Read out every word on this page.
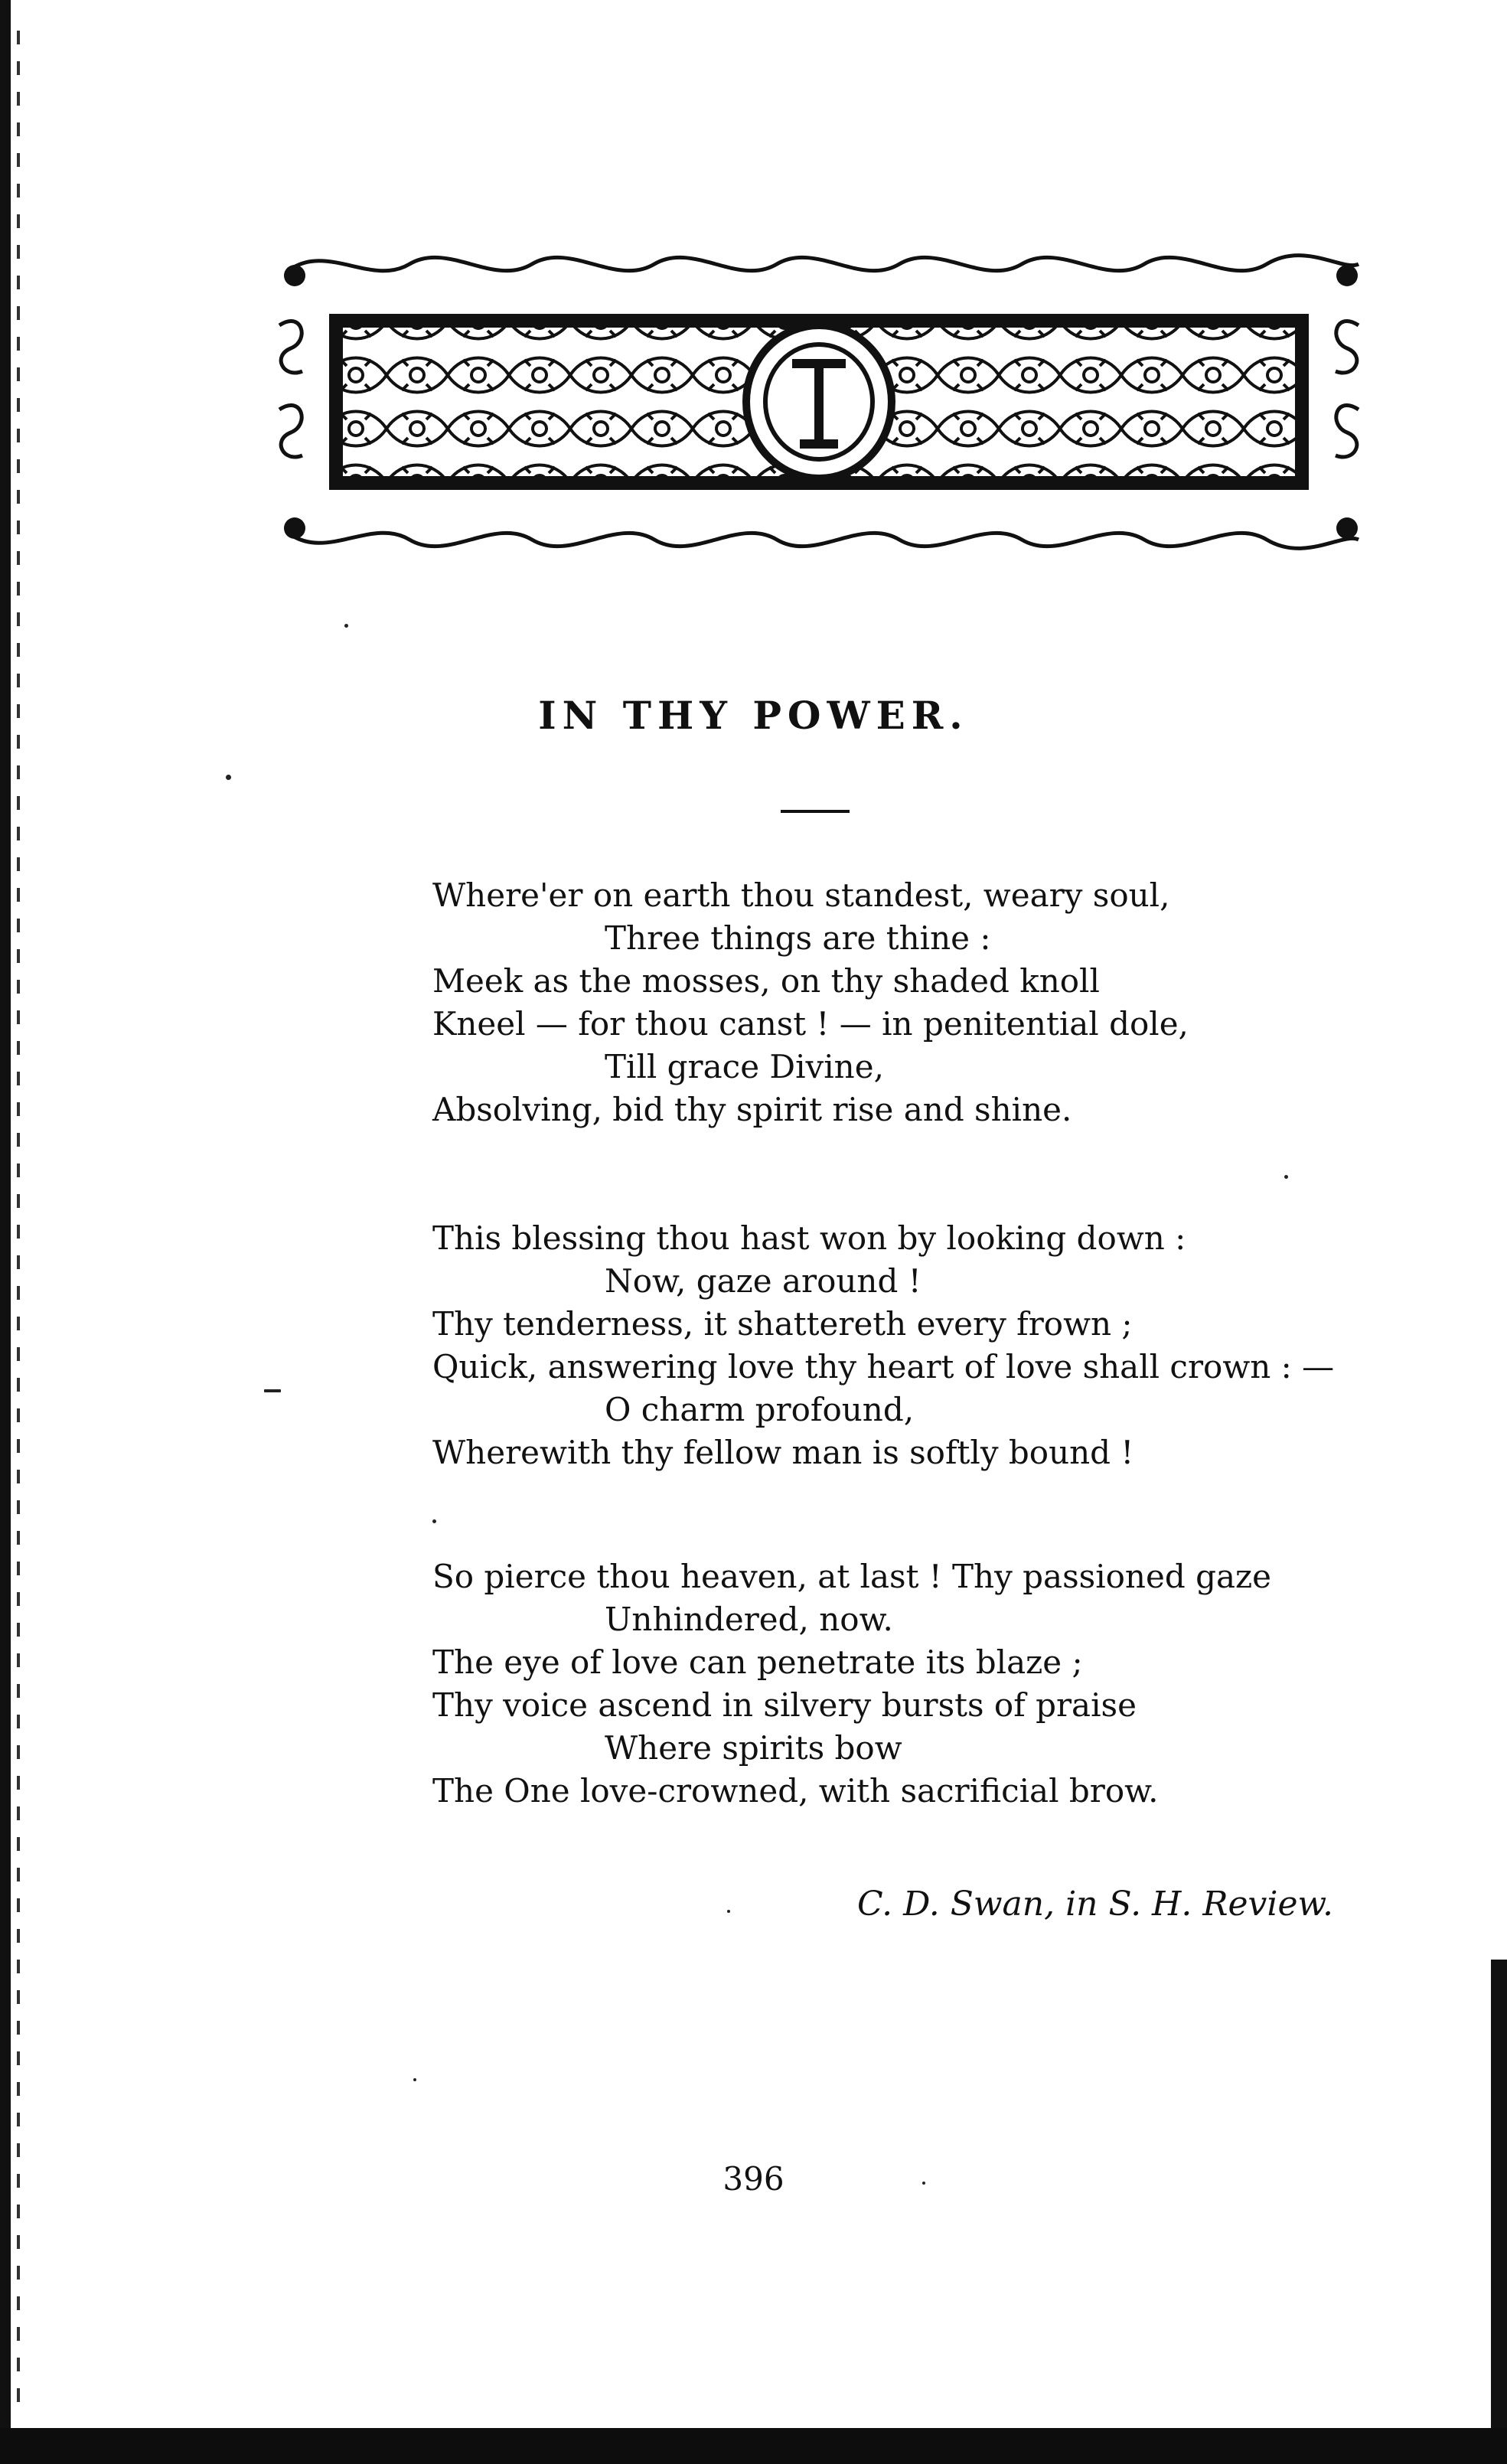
IN THY POWER.
Where'er on earth thou standest, weary soul,
Three things are thine :
Meek as the mosses, on thy shaded knoll
Kneel — for thou canst ! — in penitential dole,
Till grace Divine,
Absolving, bid thy spirit rise and shine.
This blessing thou hast won by looking down :
Now, gaze around !
Thy tenderness, it shattereth every frown ;
Quick, answering love thy heart of love shall crown : —
O charm profound,
Wherewith thy fellow man is softly bound !
So pierce thou heaven, at last ! Thy passioned gaze
Unhindered, now.
The eye of love can penetrate its blaze ;
Thy voice ascend in silvery bursts of praise
Where spirits bow
The One love-crowned, with sacrificial brow.
C. D. Swan, in S. H. Review.
396
